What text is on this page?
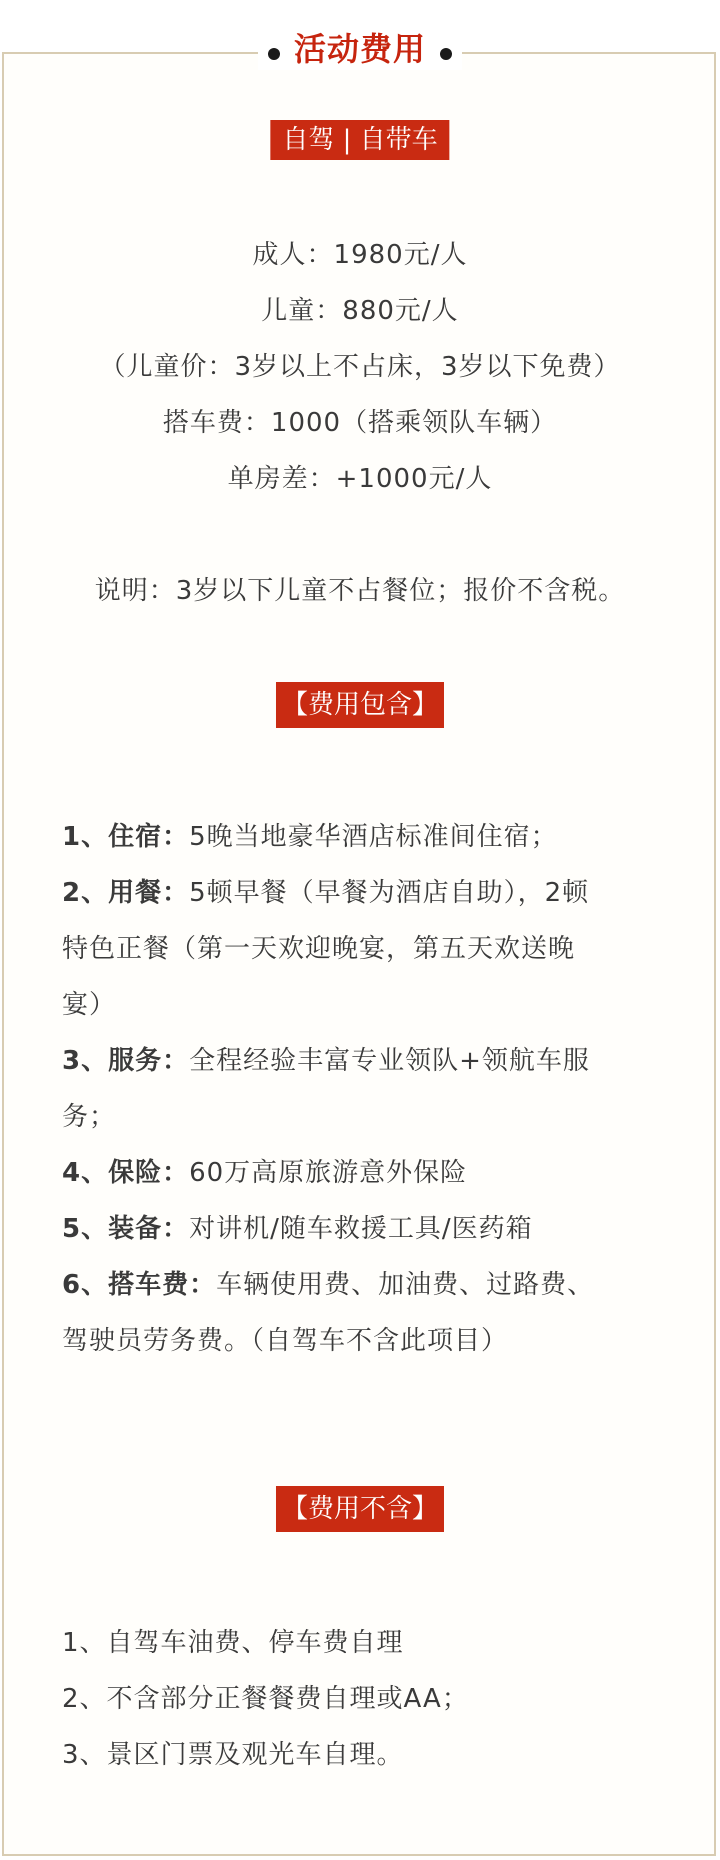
活动费用
自驾 | 自带车
成人：1980元/人
儿童：880元/人
（儿童价：3岁以上不占床，3岁以下免费）
搭车费：1000（搭乘领队车辆）
单房差：+1000元/人
说明：3岁以下儿童不占餐位；报价不含税。
【费用包含】
1、住宿：5晚当地豪华酒店标准间住宿；
2、用餐：5顿早餐（早餐为酒店自助），2顿
特色正餐（第一天欢迎晚宴，第五天欢送晚
宴）
3、服务：全程经验丰富专业领队+领航车服
务；
4、保险：60万高原旅游意外保险
5、装备：对讲机/随车救援工具/医药箱
6、搭车费：车辆使用费、加油费、过路费、
驾驶员劳务费。（自驾车不含此项目）
【费用不含】
1、自驾车油费、停车费自理
2、不含部分正餐餐费自理或AA；
3、景区门票及观光车自理。
